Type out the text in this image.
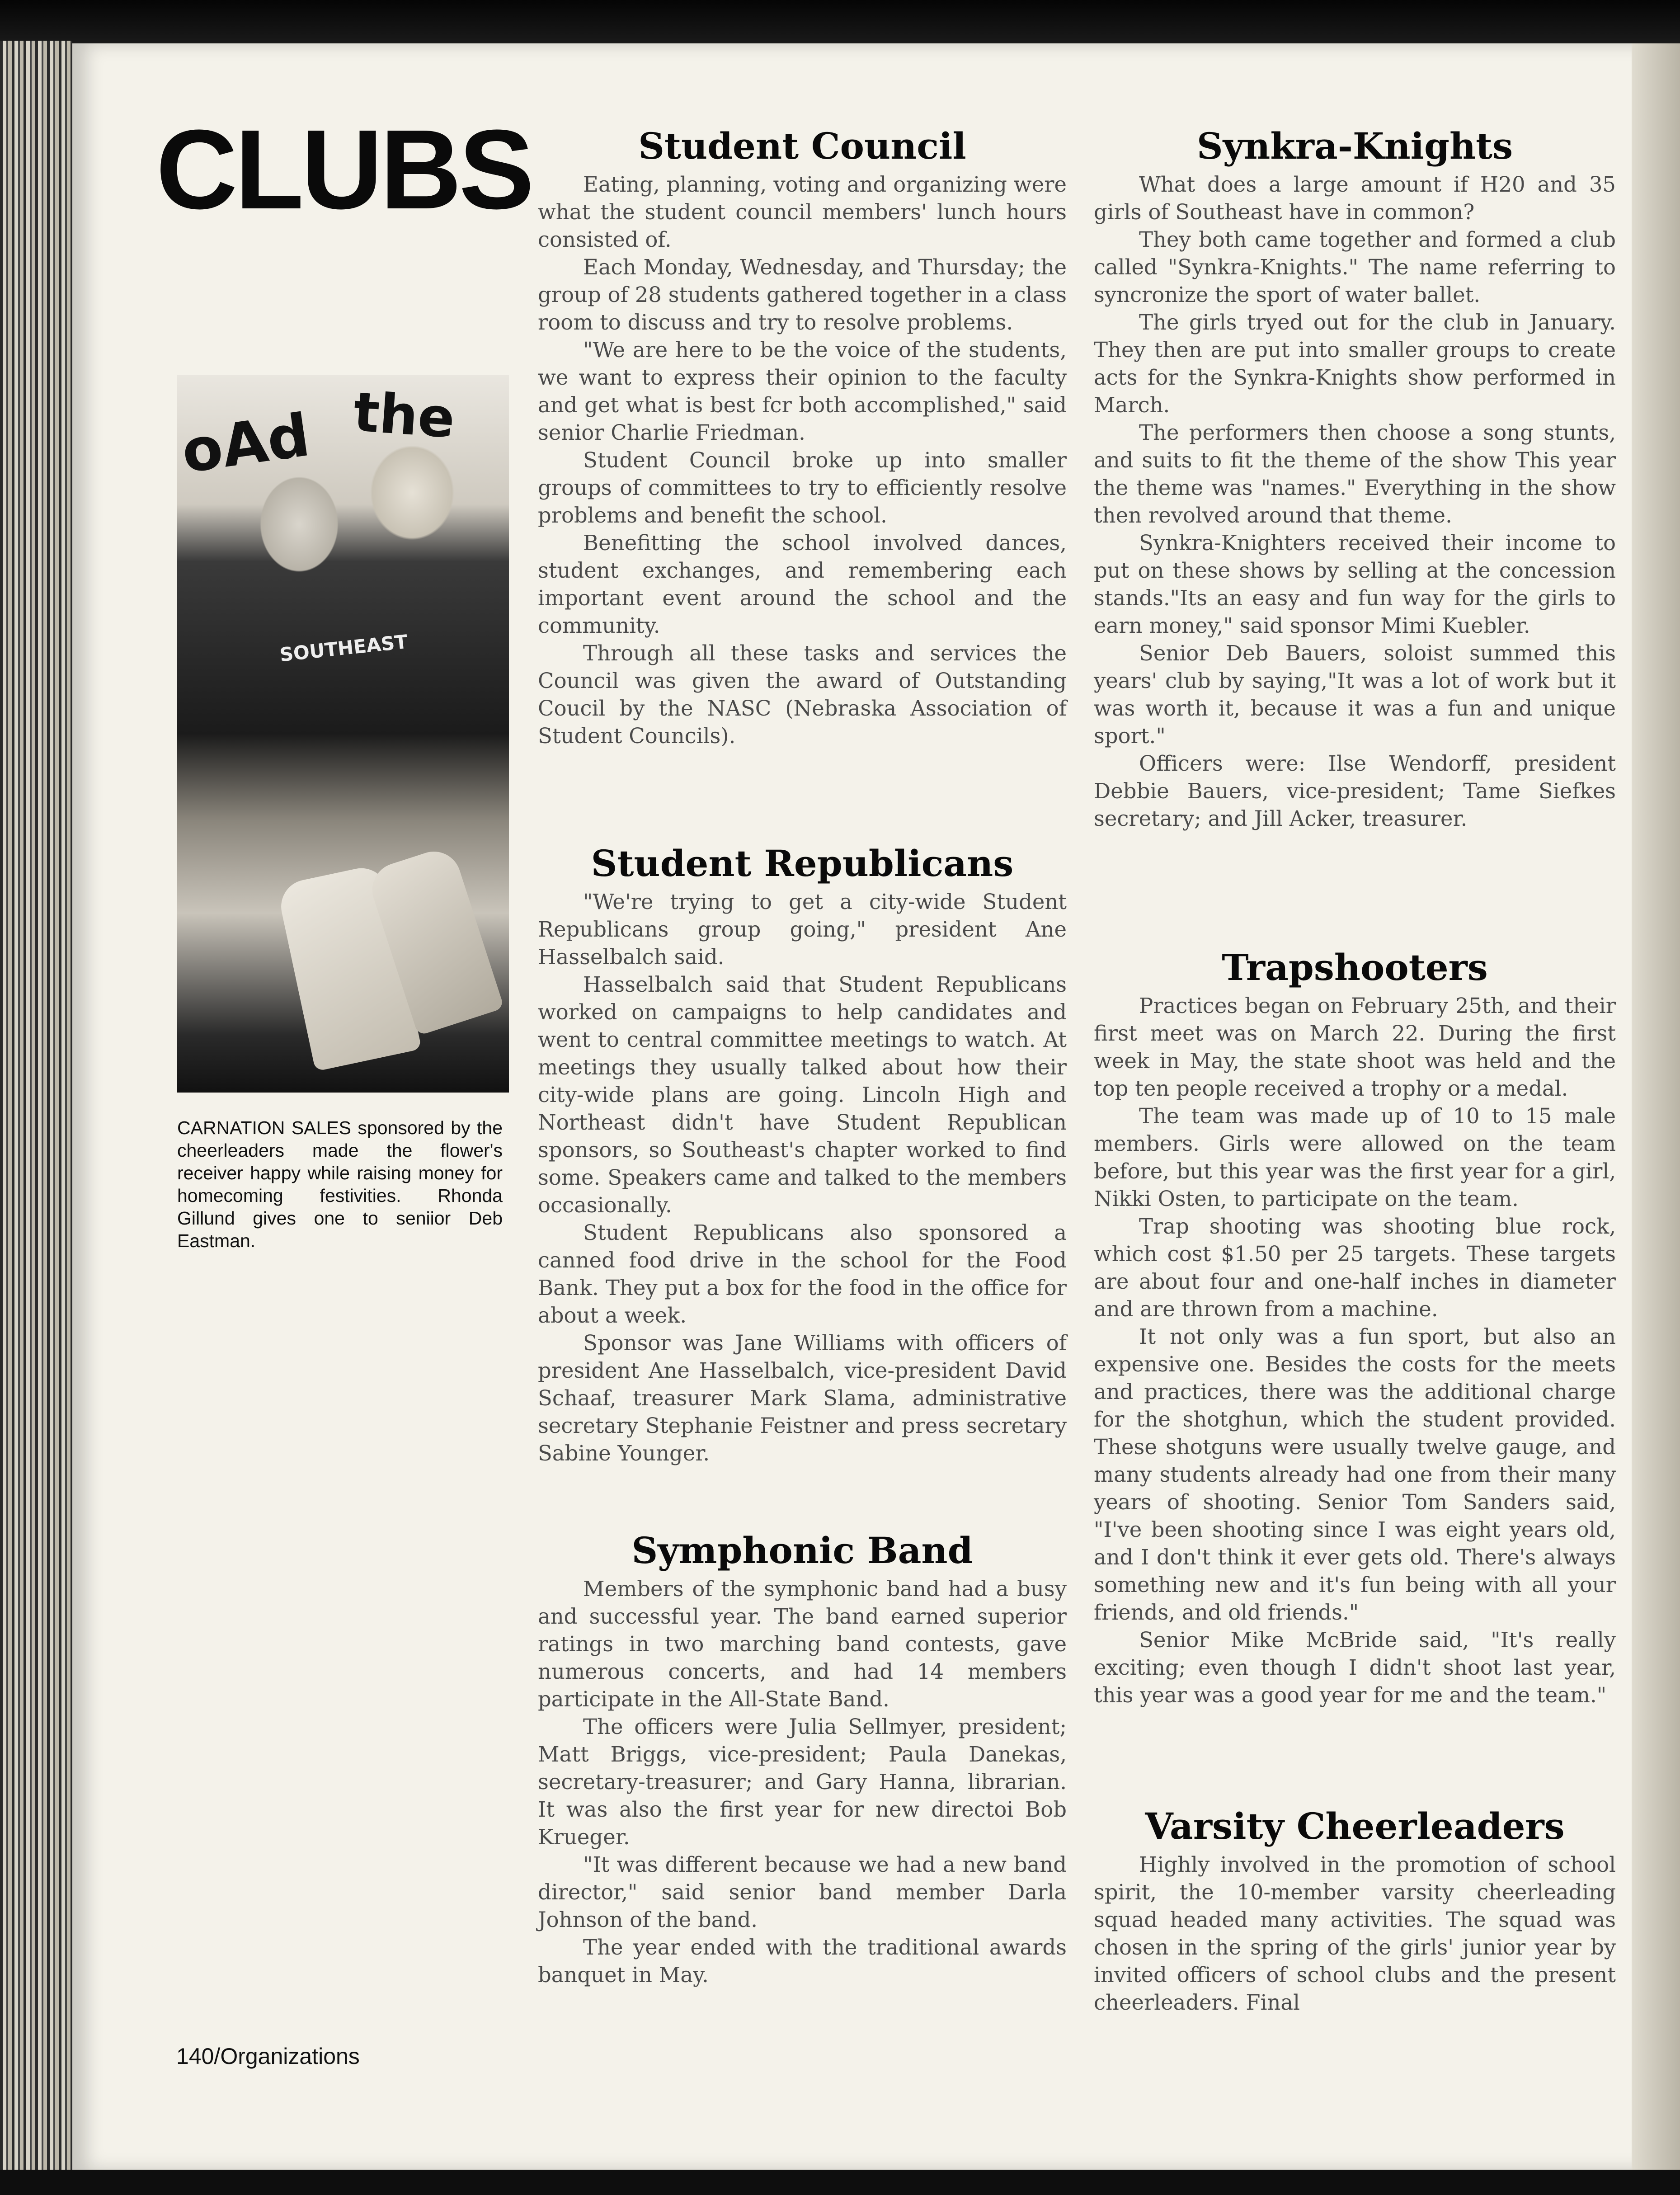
CLUBS
oAd the
SOUTHEAST
CARNATION SALES sponsored by the cheerleaders made the flower's receiver happy while raising money for homecoming festivities. Rhonda Gillund gives one to seniior Deb Eastman.
140/Organizations
Student Council

Eating, planning, voting and organizing were what the student council members' lunch hours consisted of.

Each Monday, Wednesday, and Thursday; the group of 28 students gathered together in a class room to discuss and try to resolve problems.

"We are here to be the voice of the students, we want to express their opinion to the faculty and get what is best fcr both accomplished," said senior Charlie Friedman.

Student Council broke up into smaller groups of committees to try to efficiently resolve problems and benefit the school.

Benefitting the school involved dances, student exchanges, and remembering each important event around the school and the community.

Through all these tasks and services the Council was given the award of Outstanding Coucil by the NASC (Nebraska Association of Student Councils).

Student Republicans

"We're trying to get a city-wide Student Republicans group going," president Ane Hasselbalch said.

Hasselbalch said that Student Republicans worked on campaigns to help candidates and went to central committee meetings to watch. At meetings they usually talked about how their city-wide plans are going. Lincoln High and Northeast didn't have Student Republican sponsors, so Southeast's chapter worked to find some. Speakers came and talked to the members occasionally.

Student Republicans also sponsored a canned food drive in the school for the Food Bank. They put a box for the food in the office for about a week.

Sponsor was Jane Williams with officers of president Ane Hasselbalch, vice-president David Schaaf, treasurer Mark Slama, administrative secretary Stephanie Feistner and press secretary Sabine Younger.

Symphonic Band

Members of the symphonic band had a busy and successful year. The band earned superior ratings in two marching band contests, gave numerous concerts, and had 14 members participate in the All-State Band.

The officers were Julia Sellmyer, president; Matt Briggs, vice-president; Paula Danekas, secretary-treasurer; and Gary Hanna, librarian. It was also the first year for new directoi Bob Krueger.

"It was different because we had a new band director," said senior band member Darla Johnson of the band.

The year ended with the traditional awards banquet in May.

Synkra-Knights

What does a large amount if H20 and 35 girls of Southeast have in common?

They both came together and formed a club called "Synkra-Knights." The name referring to syncronize the sport of water ballet.

The girls tryed out for the club in January. They then are put into smaller groups to create acts for the Synkra-Knights show performed in March.

The performers then choose a song stunts, and suits to fit the theme of the show This year the theme was "names." Everything in the show then revolved around that theme.

Synkra-Knighters received their income to put on these shows by selling at the concession stands."Its an easy and fun way for the girls to earn money," said sponsor Mimi Kuebler.

Senior Deb Bauers, soloist summed this years' club by saying,"It was a lot of work but it was worth it, because it was a fun and unique sport."

Officers were: Ilse Wendorff, president Debbie Bauers, vice-president; Tame Siefkes secretary; and Jill Acker, treasurer.

Trapshooters

Practices began on February 25th, and their first meet was on March 22. During the first week in May, the state shoot was held and the top ten people received a trophy or a medal.

The team was made up of 10 to 15 male members. Girls were allowed on the team before, but this year was the first year for a girl, Nikki Osten, to participate on the team.

Trap shooting was shooting blue rock, which cost $1.50 per 25 targets. These targets are about four and one-half inches in diameter and are thrown from a machine.

It not only was a fun sport, but also an expensive one. Besides the costs for the meets and practices, there was the additional charge for the shotghun, which the student provided. These shotguns were usually twelve gauge, and many students already had one from their many years of shooting. Senior Tom Sanders said, "I've been shooting since I was eight years old, and I don't think it ever gets old. There's always something new and it's fun being with all your friends, and old friends."

Senior Mike McBride said, "It's really exciting; even though I didn't shoot last year, this year was a good year for me and the team."

Varsity Cheerleaders

Highly involved in the promotion of school spirit, the 10-member varsity cheerleading squad headed many activities. The squad was chosen in the spring of the girls' junior year by invited officers of school clubs and the present cheerleaders. Final
